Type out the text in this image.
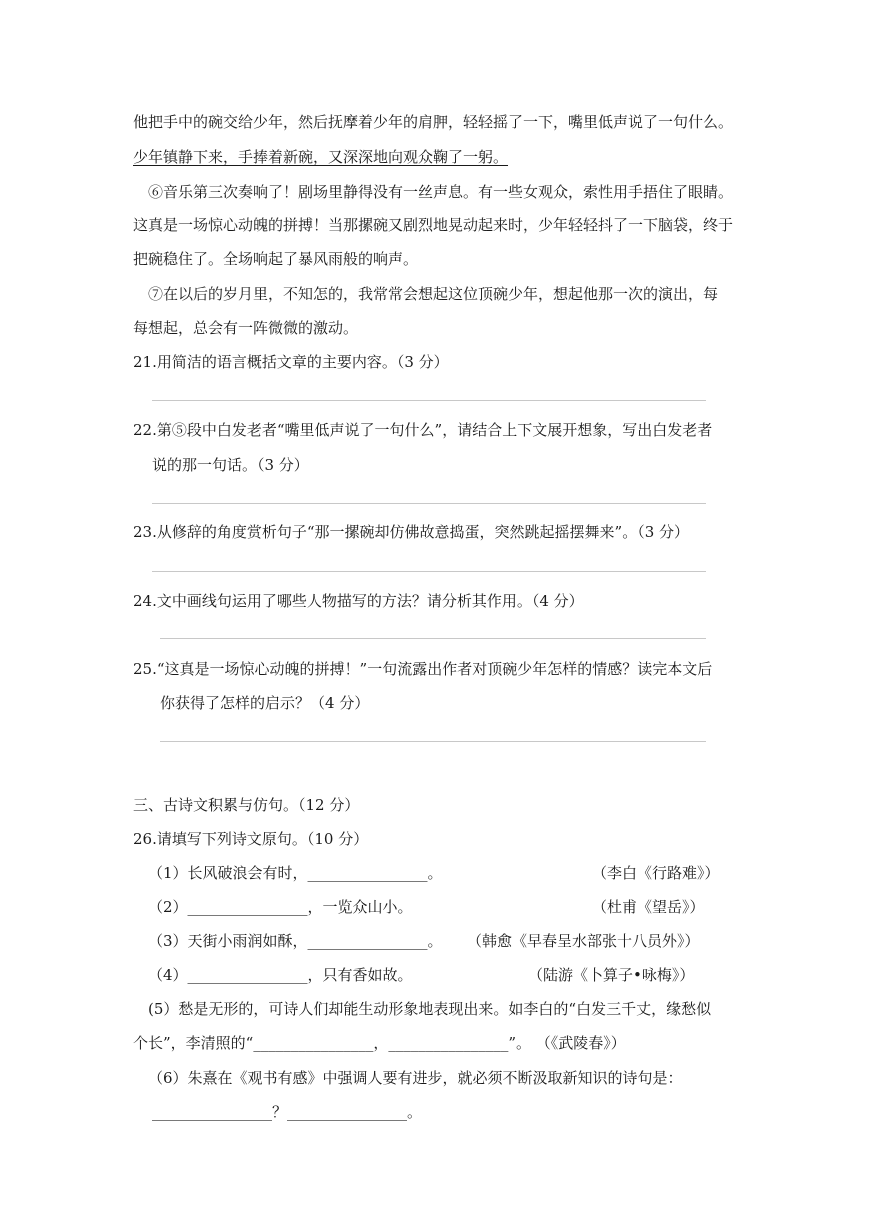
他把手中的碗交给少年，然后抚摩着少年的肩胛，轻轻摇了一下，嘴里低声说了一句什么。
少年镇静下来，手捧着新碗，又深深地向观众鞠了一躬。
⑥音乐第三次奏响了！剧场里静得没有一丝声息。有一些女观众，索性用手捂住了眼睛。
这真是一场惊心动魄的拼搏！当那摞碗又剧烈地晃动起来时，少年轻轻抖了一下脑袋，终于
把碗稳住了。全场响起了暴风雨般的响声。
⑦在以后的岁月里，不知怎的，我常常会想起这位顶碗少年，想起他那一次的演出，每
每想起，总会有一阵微微的激动。
21.用简洁的语言概括文章的主要内容。（3 分）
22.第⑤段中白发老者“嘴里低声说了一句什么”，请结合上下文展开想象，写出白发老者
说的那一句话。（3 分）
23.从修辞的角度赏析句子“那一摞碗却仿佛故意捣蛋，突然跳起摇摆舞来”。（3 分）
24.文中画线句运用了哪些人物描写的方法？请分析其作用。（4 分）
25.“这真是一场惊心动魄的拼搏！”一句流露出作者对顶碗少年怎样的情感？读完本文后
你获得了怎样的启示？（4 分）
三、古诗文积累与仿句。（12 分）
26.请填写下列诗文原句。（10 分）
（1）长风破浪会有时，________________。	（李白《行路难》）
（2）________________，一览众山小。	（杜甫《望岳》）
（3）天街小雨润如酥，________________。 （韩愈《早春呈水部张十八员外》）
（4）________________，只有香如故。	（陆游《卜算子•咏梅》）
(5）愁是无形的，可诗人们却能生动形象地表现出来。如李白的“白发三千丈，缘愁似
个长”，李清照的“________________，________________”。 （《武陵春》）
（6）朱熹在《观书有感》中强调人要有进步，就必须不断汲取新知识的诗句是：
________________？________________。
